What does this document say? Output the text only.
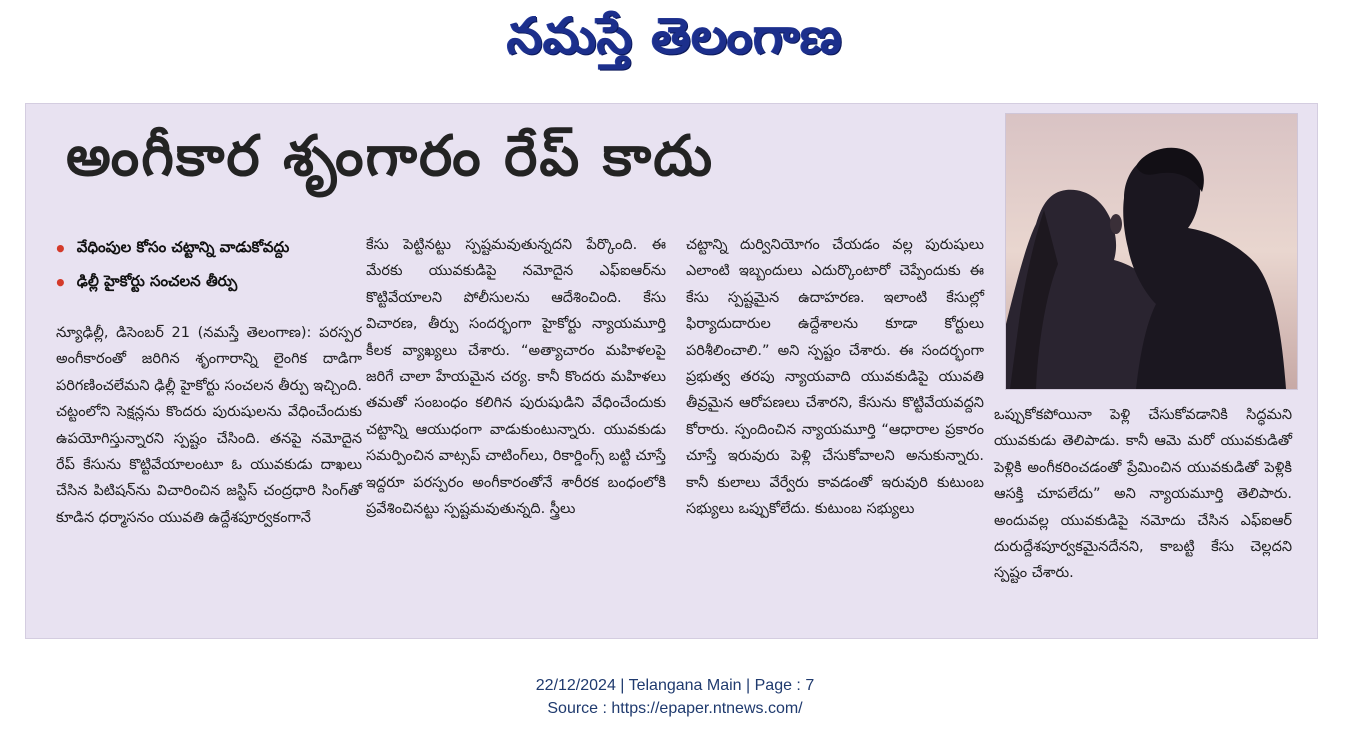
నమస్తే తెలంగాణ
అంగీకార శృంగారం రేప్ కాదు
• వేధింపుల కోసం చట్టాన్ని వాడుకోవద్దు
• ఢిల్లీ హైకోర్టు సంచలన తీర్పు

న్యూఢిల్లీ, డిసెంబర్ 21 (నమస్తే తెలంగాణ): పరస్పర అంగీకారంతో జరిగిన శృంగారాన్ని లైంగిక దాడిగా పరిగణించలేమని ఢిల్లీ హైకోర్టు సంచలన తీర్పు ఇచ్చింది. చట్టంలోని సెక్షన్లను కొందరు పురుషులను వేధించేందుకు ఉపయోగిస్తున్నారని స్పష్టం చేసింది. తనపై నమోదైన రేప్ కేసును కొట్టివేయాలంటూ ఓ యువకుడు దాఖలు చేసిన పిటిషన్‌ను విచారించిన జస్టిస్ చంద్రధారి సింగ్‌తో కూడిన ధర్మాసనం యువతి ఉద్దేశపూర్వకంగానే

కేసు పెట్టినట్టు స్పష్టమవుతున్నదని పేర్కొంది. ఈ మేరకు యువకుడిపై నమోదైన ఎఫ్ఐఆర్‌ను కొట్టివేయాలని పోలీసులను ఆదేశించింది. కేసు విచారణ, తీర్పు సందర్భంగా హైకోర్టు న్యాయమూర్తి కీలక వ్యాఖ్యలు చేశారు. “అత్యాచారం మహిళలపై జరిగే చాలా హేయమైన చర్య. కానీ కొందరు మహిళలు తమతో సంబంధం కలిగిన పురుషుడిని వేధించేందుకు చట్టాన్ని ఆయుధంగా వాడుకుంటున్నారు. యువకుడు సమర్పించిన వాట్సప్ చాటింగ్‌లు, రికార్డింగ్స్ బట్టి చూస్తే ఇద్దరూ పరస్పరం అంగీకారంతోనే శారీరక బంధంలోకి ప్రవేశించినట్టు స్పష్టమవుతున్నది. స్త్రీలు

చట్టాన్ని దుర్వినియోగం చేయడం వల్ల పురుషులు ఎలాంటి ఇబ్బందులు ఎదుర్కొంటారో చెప్పేందుకు ఈ కేసు స్పష్టమైన ఉదాహరణ. ఇలాంటి కేసుల్లో ఫిర్యాదుదారుల ఉద్దేశాలను కూడా కోర్టులు పరిశీలించాలి.” అని స్పష్టం చేశారు. ఈ సందర్భంగా ప్రభుత్వ తరపు న్యాయవాది యువకుడిపై యువతి తీవ్రమైన ఆరోపణలు చేశారని, కేసును కొట్టివేయవద్దని కోరారు. స్పందించిన న్యాయమూర్తి “ఆధారాల ప్రకారం చూస్తే ఇరువురు పెళ్లి చేసుకోవాలని అనుకున్నారు. కానీ కులాలు వేర్వేరు కావడంతో ఇరువురి కుటుంబ సభ్యులు ఒప్పుకోలేదు. కుటుంబ సభ్యులు

ఒప్పుకోకపోయినా పెళ్లి చేసుకోవడానికి సిద్ధమని యువకుడు తెలిపాడు. కానీ ఆమె మరో యువకుడితో పెళ్లికి అంగీకరించడంతో ప్రేమించిన యువకుడితో పెళ్లికి ఆసక్తి చూపలేదు” అని న్యాయమూర్తి తెలిపారు. అందువల్ల యువకుడిపై నమోదు చేసిన ఎఫ్ఐఆర్ దురుద్దేశపూర్వకమైనదేనని, కాబట్టి కేసు చెల్లదని స్పష్టం చేశారు.

22/12/2024 | Telangana Main | Page : 7
Source : https://epaper.ntnews.com/
